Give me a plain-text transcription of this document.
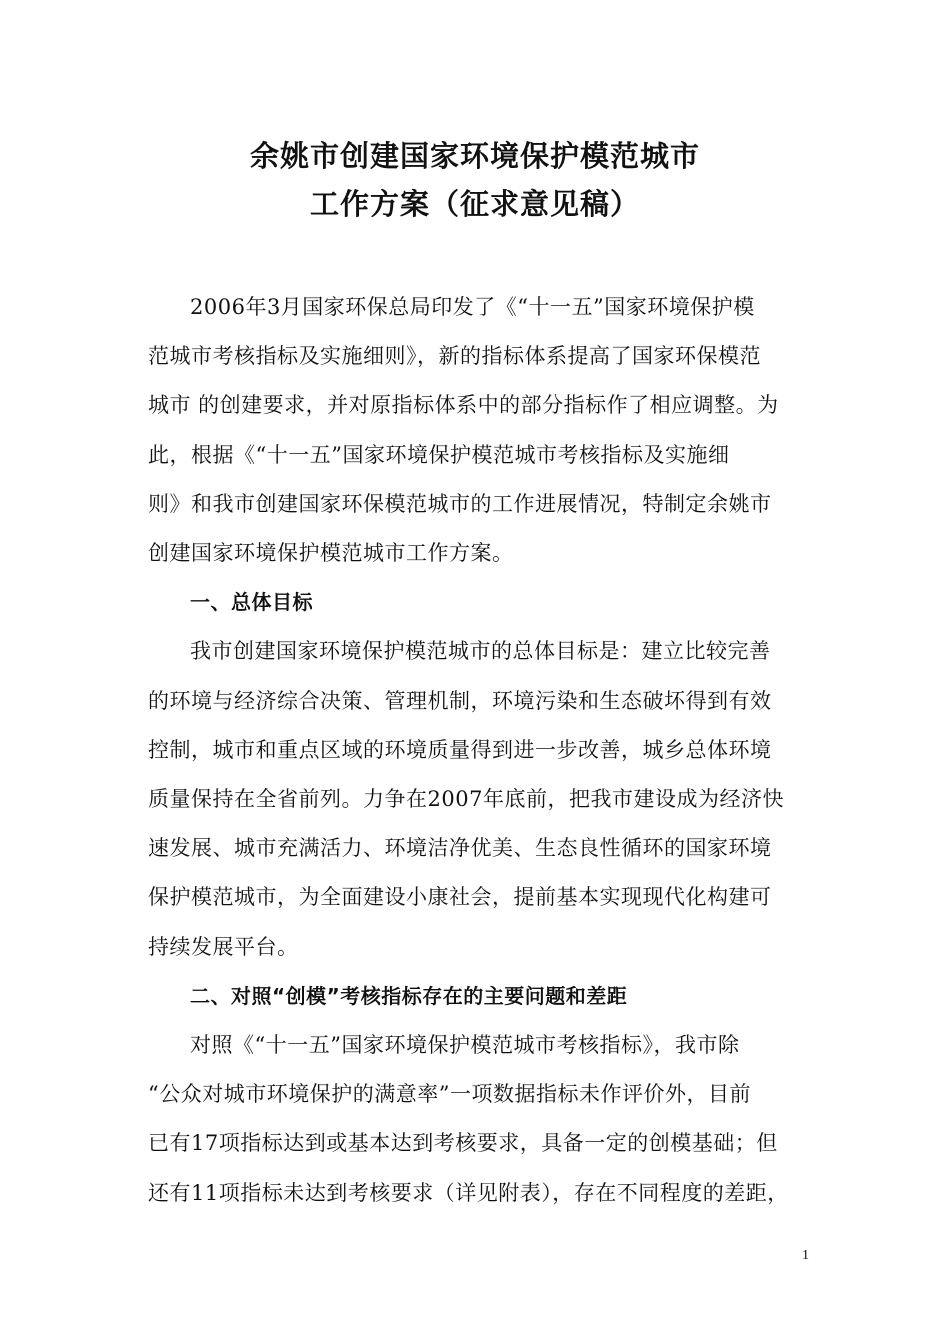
余姚市创建国家环境保护模范城市
工作方案（征求意见稿）

2006年3月国家环保总局印发了《“十一五”国家环境保护模
范城市考核指标及实施细则》，新的指标体系提高了国家环保模范
城市 的创建要求，并对原指标体系中的部分指标作了相应调整。为
此，根据《“十一五”国家环境保护模范城市考核指标及实施细
则》和我市创建国家环保模范城市的工作进展情况，特制定余姚市
创建国家环境保护模范城市工作方案。

一、总体目标

我市创建国家环境保护模范城市的总体目标是：建立比较完善
的环境与经济综合决策、管理机制，环境污染和生态破坏得到有效
控制，城市和重点区域的环境质量得到进一步改善，城乡总体环境
质量保持在全省前列。力争在2007年底前，把我市建设成为经济快
速发展、城市充满活力、环境洁净优美、生态良性循环的国家环境
保护模范城市，为全面建设小康社会，提前基本实现现代化构建可
持续发展平台。

二、对照“创模”考核指标存在的主要问题和差距

对照《“十一五”国家环境保护模范城市考核指标》，我市除
“公众对城市环境保护的满意率”一项数据指标未作评价外，目前
已有17项指标达到或基本达到考核要求，具备一定的创模基础；但
还有11项指标未达到考核要求（详见附表），存在不同程度的差距，

1
